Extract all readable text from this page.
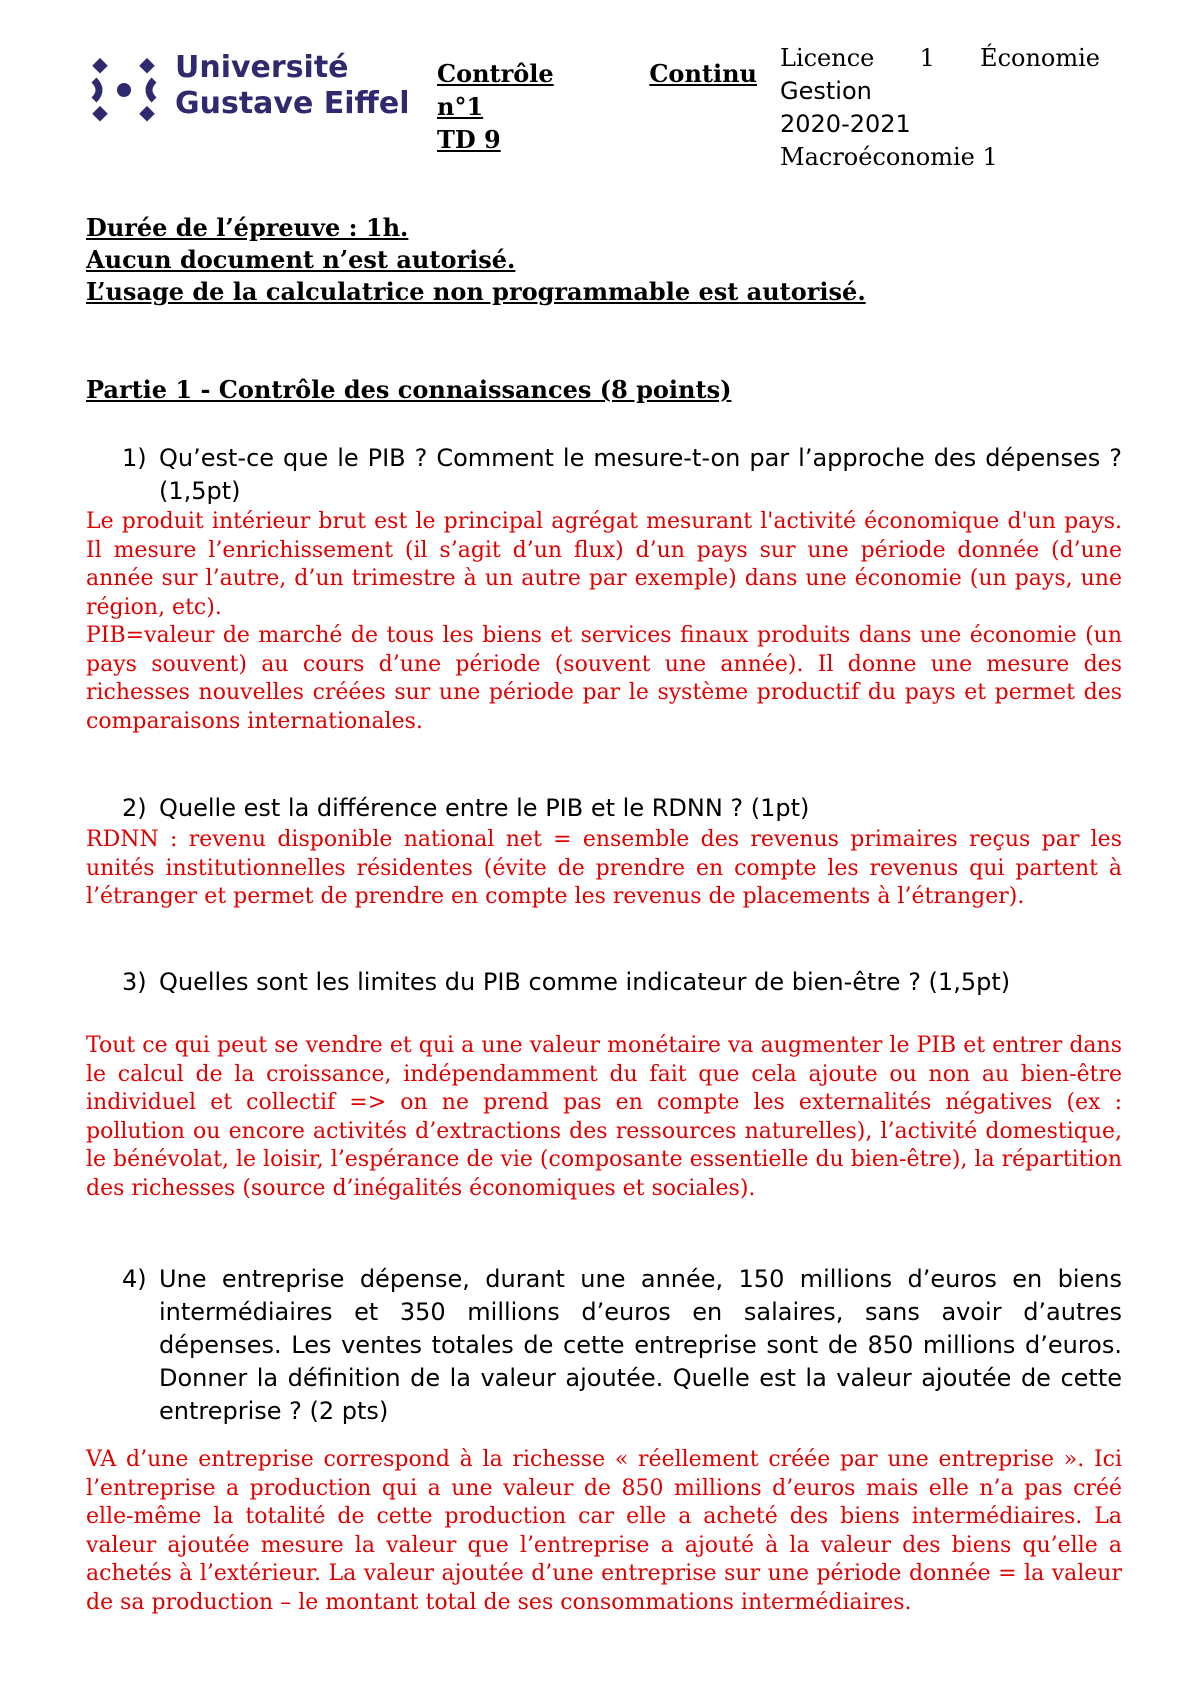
Université
Gustave Eiffel
Contrôle	Continu
n°1
TD 9
Licence 1 Économie
Gestion
2020-2021
Macroéconomie 1
Durée de l’épreuve : 1h.
Aucun document n’est autorisé.
L’usage de la calculatrice non programmable est autorisé.
Partie 1 - Contrôle des connaissances (8 points)
1) Qu’est-ce que le PIB ? Comment le mesure-t-on par l’approche des dépenses ? (1,5pt)

Le produit intérieur brut est le principal agrégat mesurant l'activité économique d'un pays. Il mesure l’enrichissement (il s’agit d’un flux) d’un pays sur une période donnée (d’une année sur l’autre, d’un trimestre à un autre par exemple) dans une économie (un pays, une région, etc).

PIB=valeur de marché de tous les biens et services finaux produits dans une économie (un pays souvent) au cours d’une période (souvent une année). Il donne une mesure des richesses nouvelles créées sur une période par le système productif du pays et permet des comparaisons internationales.

2) Quelle est la différence entre le PIB et le RDNN ? (1pt)

RDNN : revenu disponible national net = ensemble des revenus primaires reçus par les unités institutionnelles résidentes (évite de prendre en compte les revenus qui partent à l’étranger et permet de prendre en compte les revenus de placements à l’étranger).

3) Quelles sont les limites du PIB comme indicateur de bien-être ? (1,5pt)

Tout ce qui peut se vendre et qui a une valeur monétaire va augmenter le PIB et entrer dans le calcul de la croissance, indépendamment du fait que cela ajoute ou non au bien-être individuel et collectif => on ne prend pas en compte les externalités négatives (ex : pollution ou encore activités d’extractions des ressources naturelles), l’activité domestique, le bénévolat, le loisir, l’espérance de vie (composante essentielle du bien-être), la répartition des richesses (source d’inégalités économiques et sociales).

4) Une entreprise dépense, durant une année, 150 millions d’euros en biens intermédiaires et 350 millions d’euros en salaires, sans avoir d’autres dépenses. Les ventes totales de cette entreprise sont de 850 millions d’euros. Donner la définition de la valeur ajoutée. Quelle est la valeur ajoutée de cette entreprise ? (2 pts)

VA d’une entreprise correspond à la richesse « réellement créée par une entreprise ». Ici l’entreprise a production qui a une valeur de 850 millions d’euros mais elle n’a pas créé elle-même la totalité de cette production car elle a acheté des biens intermédiaires. La valeur ajoutée mesure la valeur que l’entreprise a ajouté à la valeur des biens qu’elle a achetés à l’extérieur. La valeur ajoutée d’une entreprise sur une période donnée = la valeur de sa production – le montant total de ses consommations intermédiaires.
